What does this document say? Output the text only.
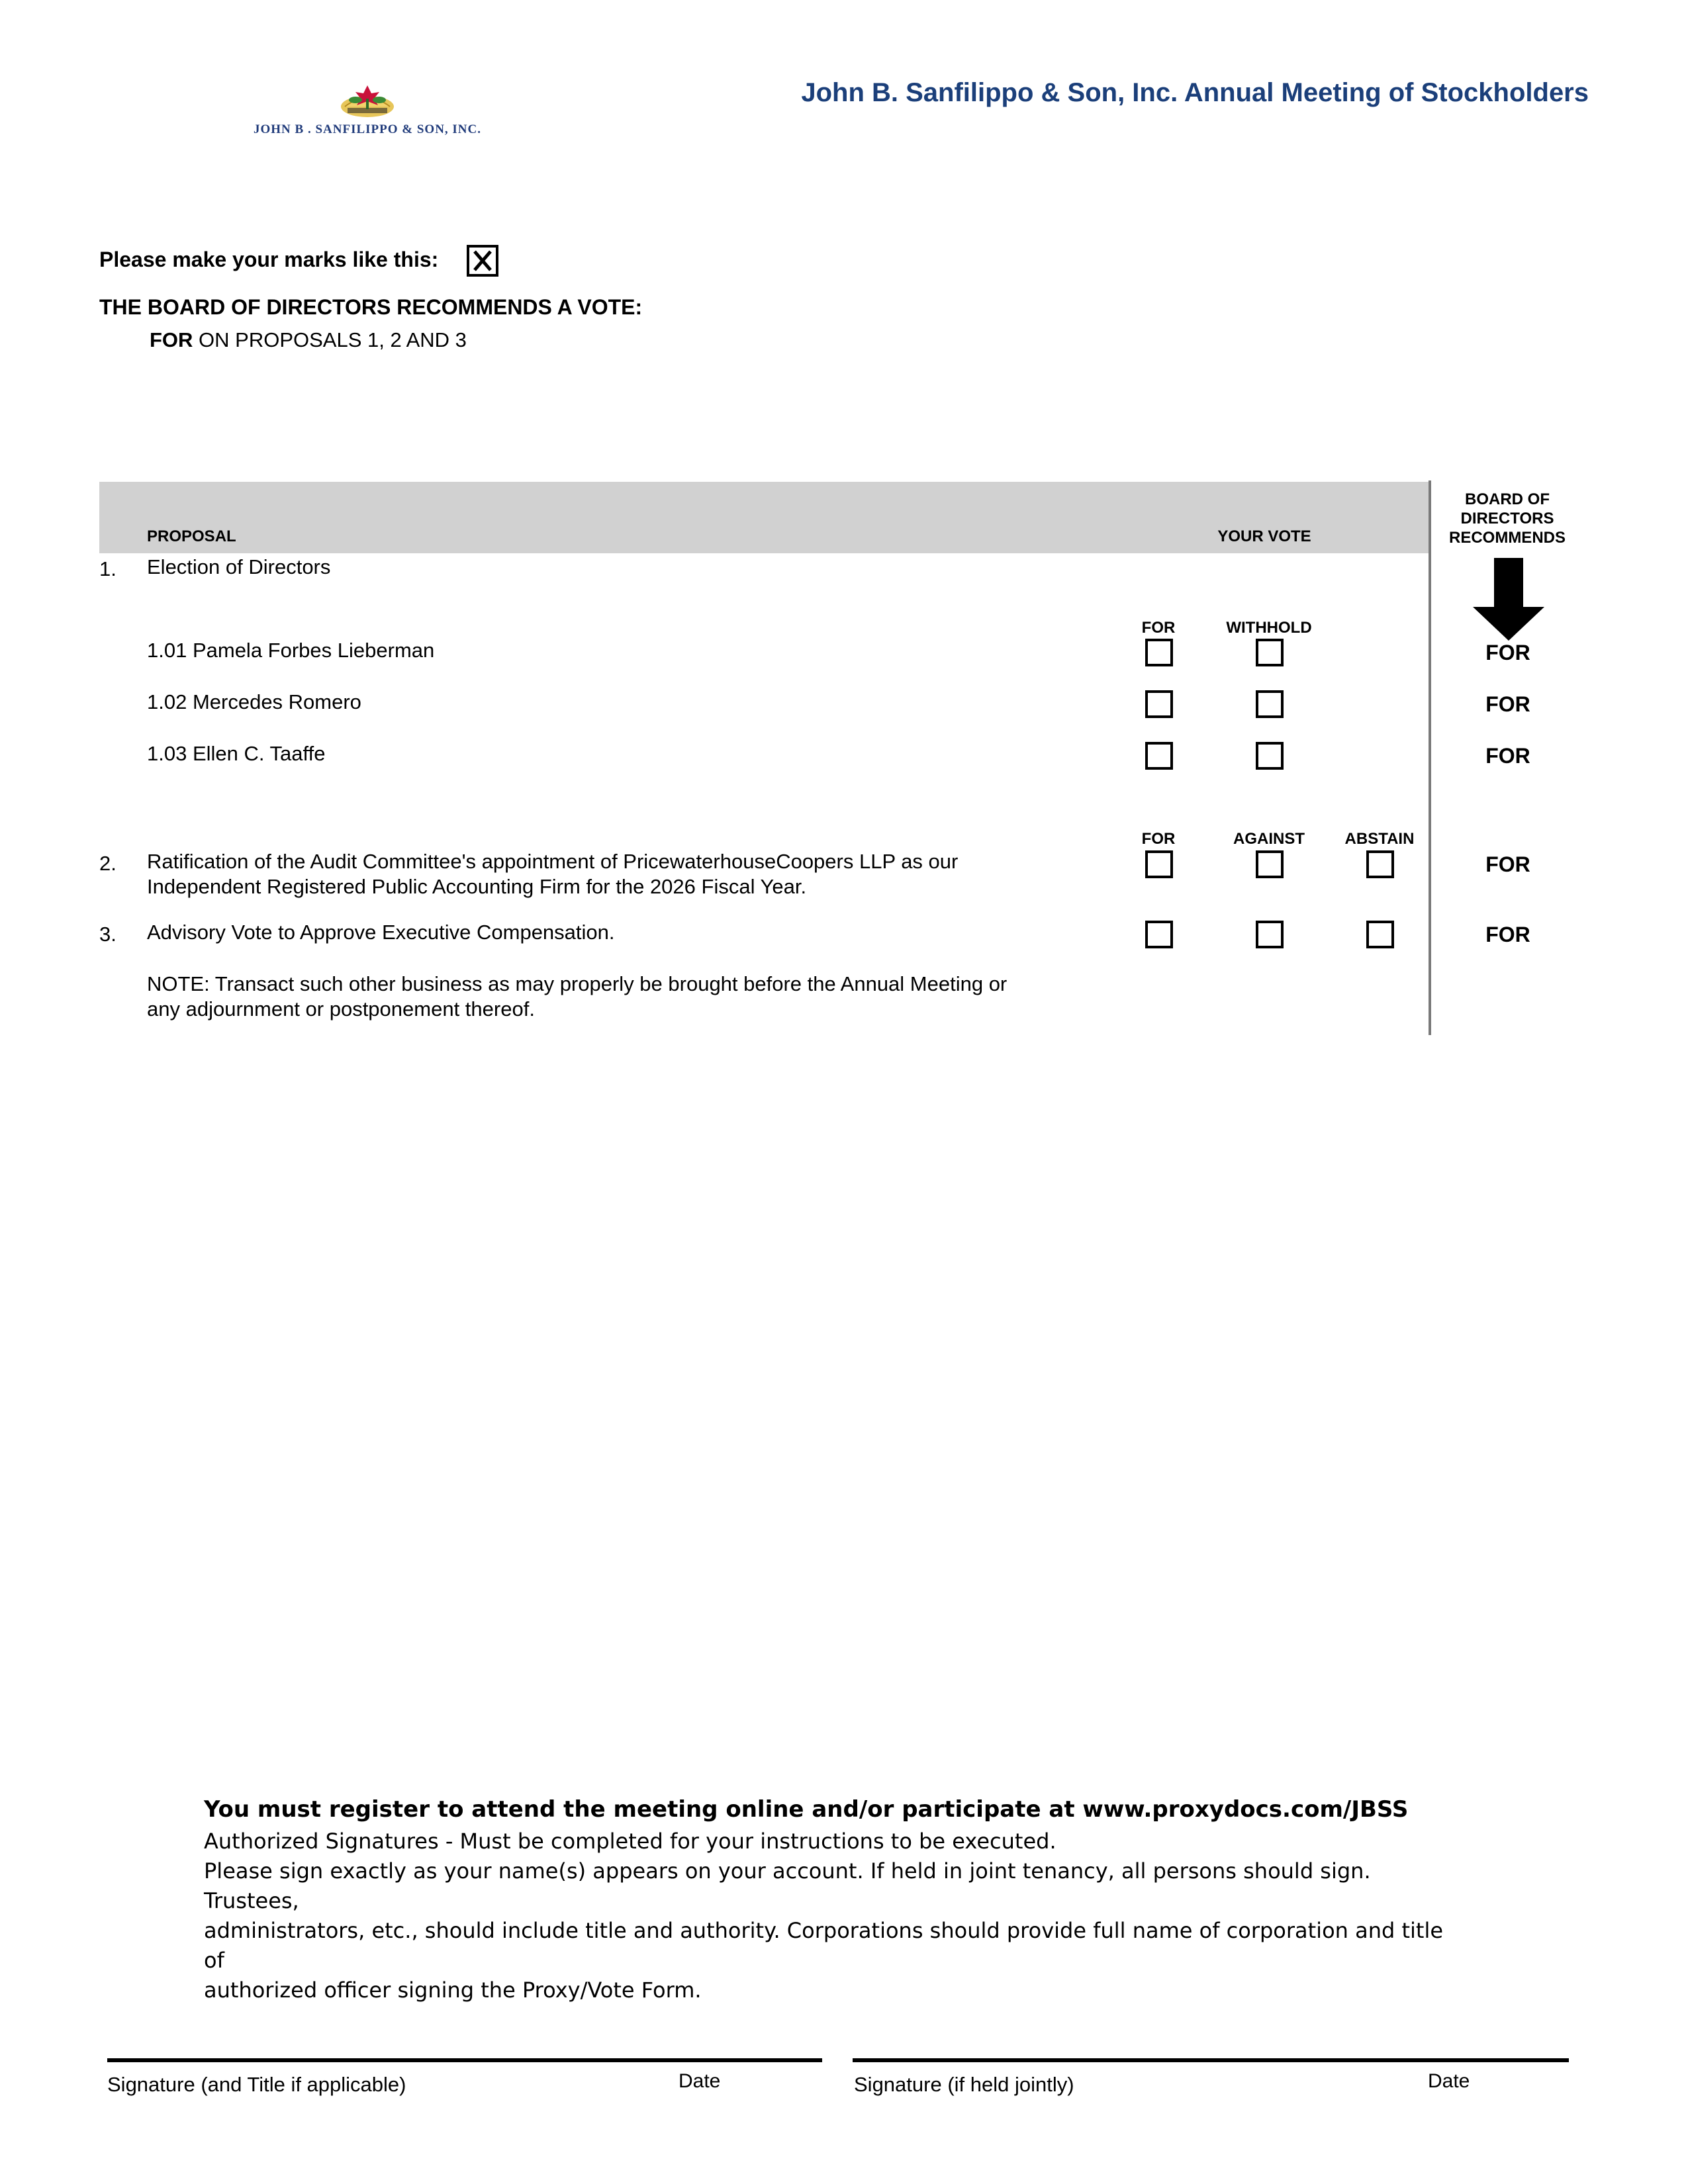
JOHN B . SANFILIPPO & SON, INC.
John B. Sanfilippo & Son, Inc. Annual Meeting of Stockholders
Please make your marks like this:
THE BOARD OF DIRECTORS RECOMMENDS A VOTE:
FOR ON PROPOSALS 1, 2 AND 3
PROPOSAL	YOUR VOTE
BOARD OF DIRECTORS RECOMMENDS
1. Election of Directors
FOR	WITHHOLD
1.01 Pamela Forbes Lieberman	FOR
1.02 Mercedes Romero	FOR
1.03 Ellen C. Taaffe	FOR
FOR	AGAINST	ABSTAIN
2. Ratification of the Audit Committee's appointment of PricewaterhouseCoopers LLP as our
Independent Registered Public Accounting Firm for the 2026 Fiscal Year.
FOR
3. Advisory Vote to Approve Executive Compensation.	FOR
NOTE: Transact such other business as may properly be brought before the Annual Meeting or
any adjournment or postponement thereof.
You must register to attend the meeting online and/or participate at www.proxydocs.com/JBSS

Authorized Signatures - Must be completed for your instructions to be executed.

Please sign exactly as your name(s) appears on your account. If held in joint tenancy, all persons should sign. Trustees,

administrators, etc., should include title and authority. Corporations should provide full name of corporation and title of

authorized officer signing the Proxy/Vote Form.

Signature (and Title if applicable)	Date	Signature (if held jointly)	Date
